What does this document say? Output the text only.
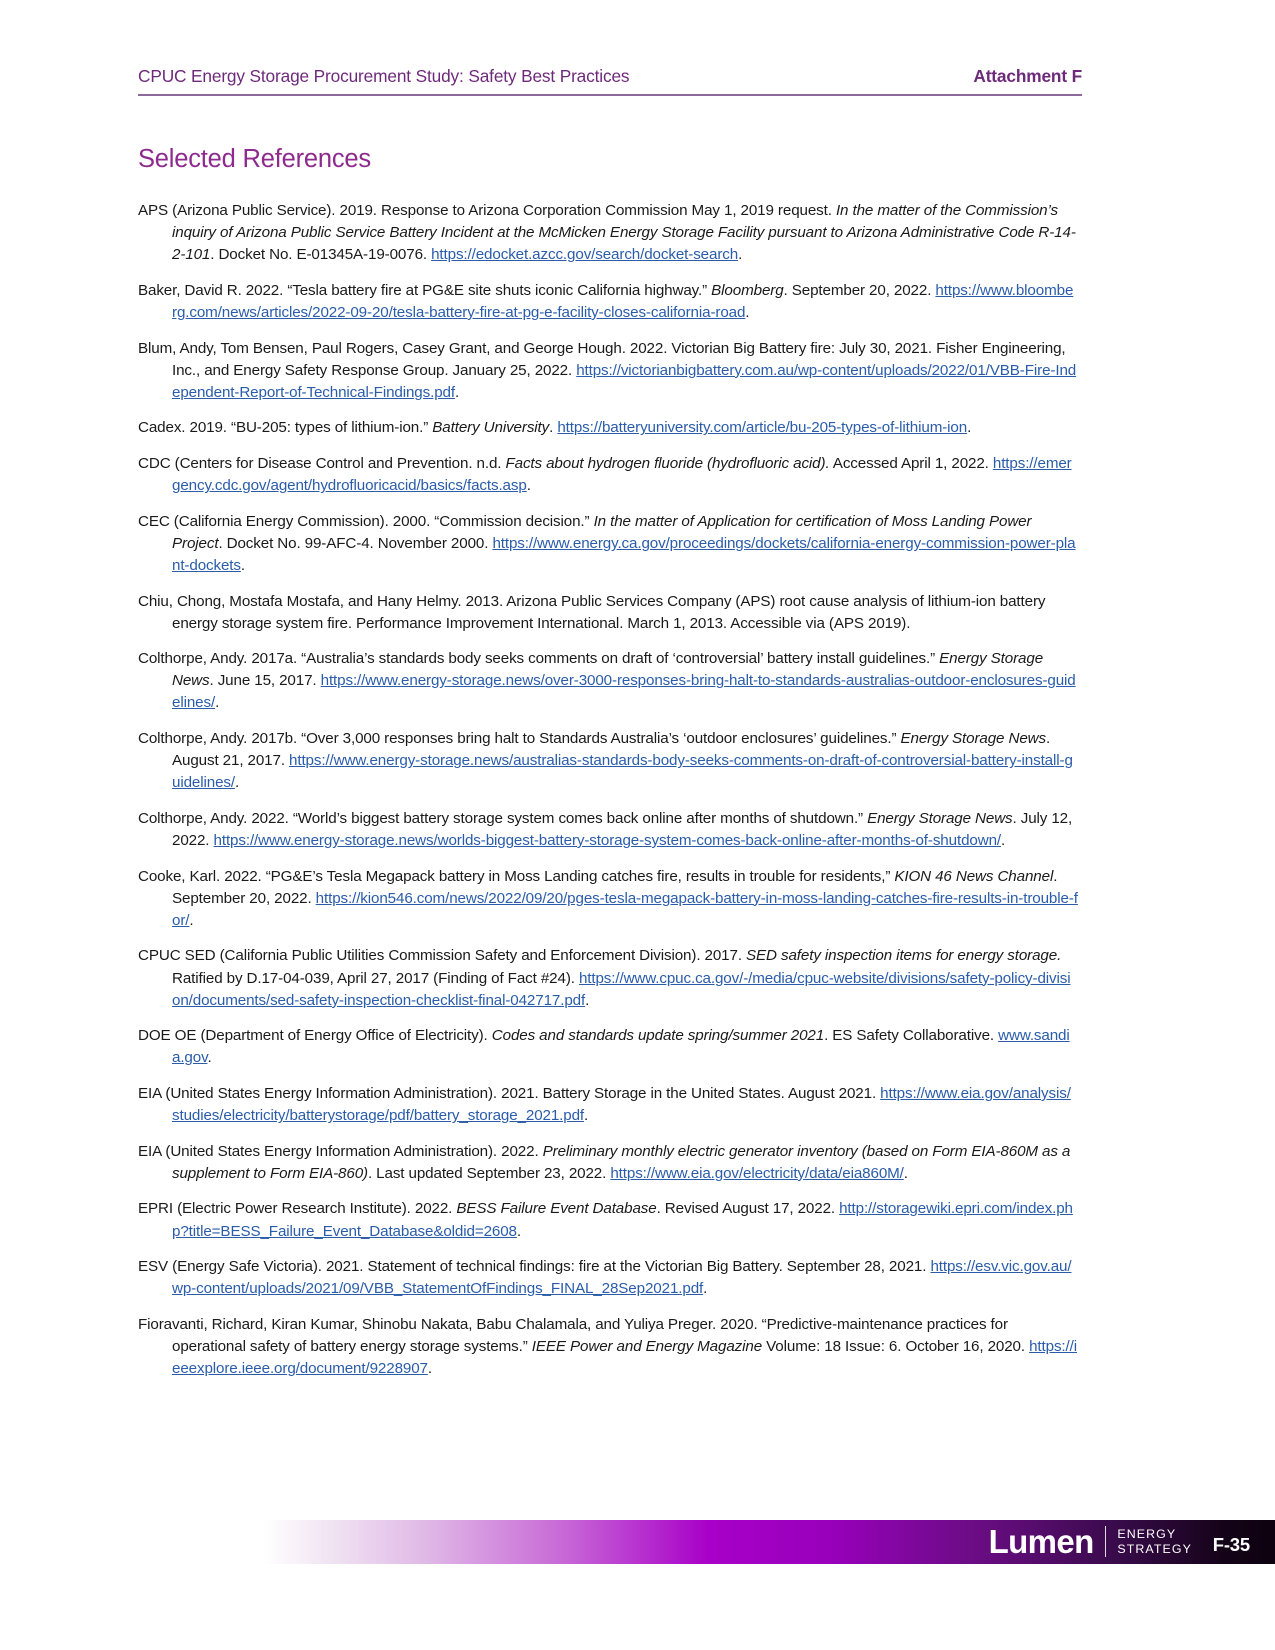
CPUC Energy Storage Procurement Study: Safety Best Practices	Attachment F
Selected References
APS (Arizona Public Service). 2019. Response to Arizona Corporation Commission May 1, 2019 request. In the matter of the Commission’s inquiry of Arizona Public Service Battery Incident at the McMicken Energy Storage Facility pursuant to Arizona Administrative Code R-14-2-101. Docket No. E-01345A-19-0076. https://edocket.azcc.gov/search/docket-search.
Baker, David R. 2022. “Tesla battery fire at PG&E site shuts iconic California highway.” Bloomberg. September 20, 2022. https://www.bloomberg.com/news/articles/2022-09-20/tesla-battery-fire-at-pg-e-facility-closes-california-road.
Blum, Andy, Tom Bensen, Paul Rogers, Casey Grant, and George Hough. 2022. Victorian Big Battery fire: July 30, 2021. Fisher Engineering, Inc., and Energy Safety Response Group. January 25, 2022. https://victorianbigbattery.com.au/wp-content/uploads/2022/01/VBB-Fire-Independent-Report-of-Technical-Findings.pdf.
Cadex. 2019. “BU-205: types of lithium-ion.” Battery University. https://batteryuniversity.com/article/bu-205-types-of-lithium-ion.
CDC (Centers for Disease Control and Prevention. n.d. Facts about hydrogen fluoride (hydrofluoric acid). Accessed April 1, 2022. https://emergency.cdc.gov/agent/hydrofluoricacid/basics/facts.asp.
CEC (California Energy Commission). 2000. “Commission decision.” In the matter of Application for certification of Moss Landing Power Project. Docket No. 99-AFC-4. November 2000. https://www.energy.ca.gov/proceedings/dockets/california-energy-commission-power-plant-dockets.
Chiu, Chong, Mostafa Mostafa, and Hany Helmy. 2013. Arizona Public Services Company (APS) root cause analysis of lithium-ion battery energy storage system fire. Performance Improvement International. March 1, 2013. Accessible via (APS 2019).
Colthorpe, Andy. 2017a. “Australia’s standards body seeks comments on draft of ‘controversial’ battery install guidelines.” Energy Storage News. June 15, 2017. https://www.energy-storage.news/over-3000-responses-bring-halt-to-standards-australias-outdoor-enclosures-guidelines/.
Colthorpe, Andy. 2017b. “Over 3,000 responses bring halt to Standards Australia’s ‘outdoor enclosures’ guidelines.” Energy Storage News. August 21, 2017. https://www.energy-storage.news/australias-standards-body-seeks-comments-on-draft-of-controversial-battery-install-guidelines/.
Colthorpe, Andy. 2022. “World’s biggest battery storage system comes back online after months of shutdown.” Energy Storage News. July 12, 2022. https://www.energy-storage.news/worlds-biggest-battery-storage-system-comes-back-online-after-months-of-shutdown/.
Cooke, Karl. 2022. “PG&E’s Tesla Megapack battery in Moss Landing catches fire, results in trouble for residents,” KION 46 News Channel. September 20, 2022. https://kion546.com/news/2022/09/20/pges-tesla-megapack-battery-in-moss-landing-catches-fire-results-in-trouble-for/.
CPUC SED (California Public Utilities Commission Safety and Enforcement Division). 2017. SED safety inspection items for energy storage. Ratified by D.17-04-039, April 27, 2017 (Finding of Fact #24). https://www.cpuc.ca.gov/-/media/cpuc-website/divisions/safety-policy-division/documents/sed-safety-inspection-checklist-final-042717.pdf.
DOE OE (Department of Energy Office of Electricity). Codes and standards update spring/summer 2021. ES Safety Collaborative. www.sandia.gov.
EIA (United States Energy Information Administration). 2021. Battery Storage in the United States. August 2021. https://www.eia.gov/analysis/studies/electricity/batterystorage/pdf/battery_storage_2021.pdf.
EIA (United States Energy Information Administration). 2022. Preliminary monthly electric generator inventory (based on Form EIA-860M as a supplement to Form EIA-860). Last updated September 23, 2022. https://www.eia.gov/electricity/data/eia860M/.
EPRI (Electric Power Research Institute). 2022. BESS Failure Event Database. Revised August 17, 2022. http://storagewiki.epri.com/index.php?title=BESS_Failure_Event_Database&oldid=2608.
ESV (Energy Safe Victoria). 2021. Statement of technical findings: fire at the Victorian Big Battery. September 28, 2021. https://esv.vic.gov.au/wp-content/uploads/2021/09/VBB_StatementOfFindings_FINAL_28Sep2021.pdf.
Fioravanti, Richard, Kiran Kumar, Shinobu Nakata, Babu Chalamala, and Yuliya Preger. 2020. “Predictive-maintenance practices for operational safety of battery energy storage systems.” IEEE Power and Energy Magazine Volume: 18 Issue: 6. October 16, 2020. https://ieeexplore.ieee.org/document/9228907.
Lumen ENERGY
STRATEGY F-35
